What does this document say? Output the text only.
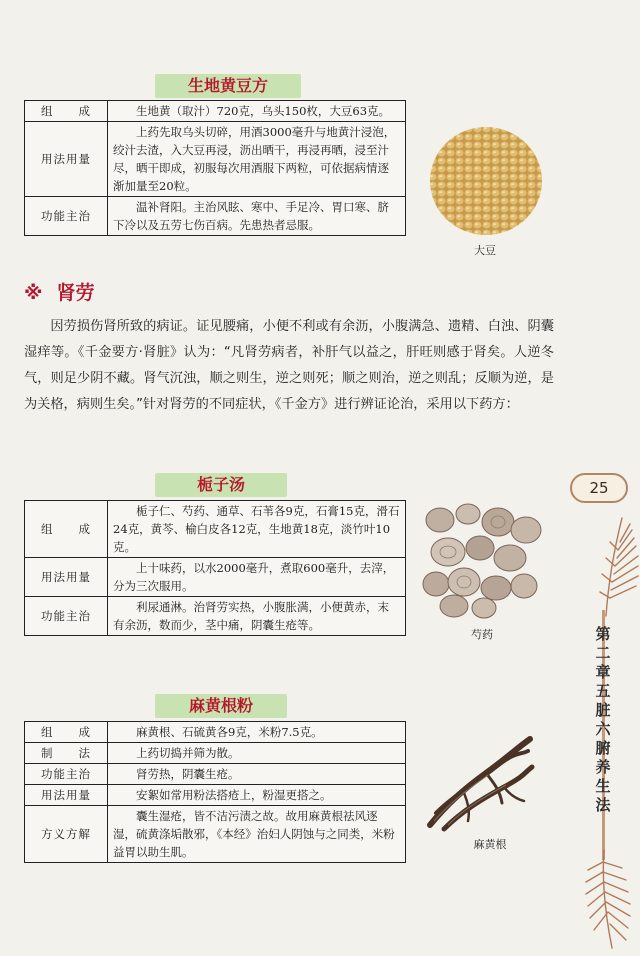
生地黄豆方
组　　成	生地黄（取汁）720克，乌头150枚，大豆63克。
用法用量	上药先取乌头切碎，用酒3000毫升与地黄汁浸泡，绞汁去渣，入大豆再浸，沥出晒干，再浸再晒，浸至汁尽，晒干即成，初服每次用酒服下两粒，可依据病情逐渐加量至20粒。
功能主治	温补肾阳。主治风眩、寒中、手足冷、胃口寒、脐下冷以及五劳七伤百病。先患热者忌服。
大豆
※ 肾劳
因劳损伤肾所致的病证。证见腰痛，小便不利或有余沥，小腹满急、遗精、白浊、阴囊湿痒等。《千金要方·肾脏》认为：“凡肾劳病者，补肝气以益之，肝旺则感于肾矣。人逆冬气，则足少阴不藏。肾气沉浊，顺之则生，逆之则死；顺之则治，逆之则乱；反顺为逆，是为关格，病则生矣。”针对肾劳的不同症状，《千金方》进行辨证论治，采用以下药方：
栀子汤
组　　成	栀子仁、芍药、通草、石苇各9克，石膏15克，滑石24克，黄芩、榆白皮各12克，生地黄18克，淡竹叶10克。
用法用量	上十味药，以水2000毫升，煮取600毫升，去滓，分为三次服用。
功能主治	利尿通淋。治肾劳实热，小腹胀满，小便黄赤，末有余沥，数而少，茎中痛，阴囊生疮等。
芍药
麻黄根粉
组　　成	麻黄根、石硫黄各9克，米粉7.5克。
制　　法	上药切捣并筛为散。
功能主治	肾劳热，阴囊生疮。
用法用量	安絮如常用粉法搭疮上，粉湿更搭之。
方义方解	囊生湿疮，皆不洁污渍之故。故用麻黄根祛风逐湿，硫黄涤垢散邪，《本经》治妇人阴蚀与之同类，米粉益胃以助生肌。
麻黄根
25
第二章　五脏六腑养生法
